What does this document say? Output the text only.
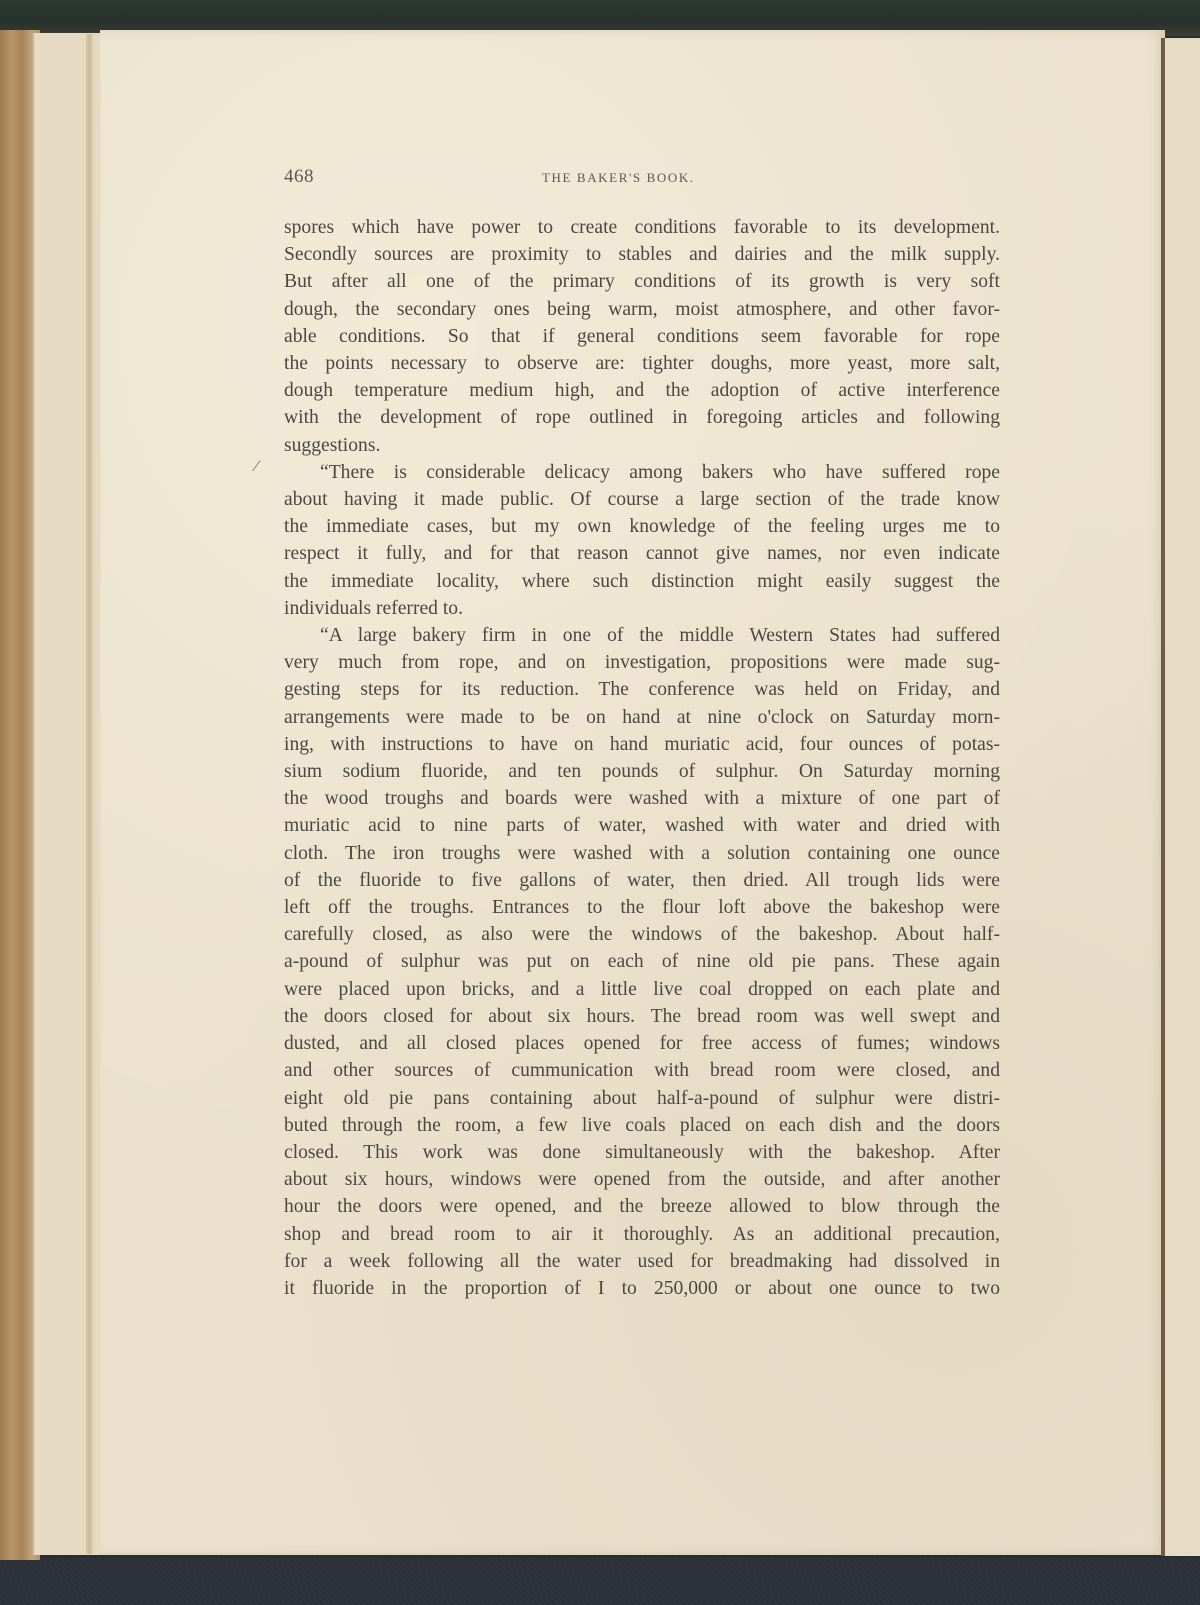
468	THE BAKER'S BOOK.
⁄
spores which have power to create conditions favorable to its development.
Secondly sources are proximity to stables and dairies and the milk supply.
But after all one of the primary conditions of its growth is very soft
dough, the secondary ones being warm, moist atmosphere, and other favor-
able conditions. So that if general conditions seem favorable for rope
the points necessary to observe are: tighter doughs, more yeast, more salt,
dough temperature medium high, and the adoption of active interference
with the development of rope outlined in foregoing articles and following
suggestions.
“There is considerable delicacy among bakers who have suffered rope
about having it made public. Of course a large section of the trade know
the immediate cases, but my own knowledge of the feeling urges me to
respect it fully, and for that reason cannot give names, nor even indicate
the immediate locality, where such distinction might easily suggest the
individuals referred to.
“A large bakery firm in one of the middle Western States had suffered
very much from rope, and on investigation, propositions were made sug-
gesting steps for its reduction. The conference was held on Friday, and
arrangements were made to be on hand at nine o'clock on Saturday morn-
ing, with instructions to have on hand muriatic acid, four ounces of potas-
sium sodium fluoride, and ten pounds of sulphur. On Saturday morning
the wood troughs and boards were washed with a mixture of one part of
muriatic acid to nine parts of water, washed with water and dried with
cloth. The iron troughs were washed with a solution containing one ounce
of the fluoride to five gallons of water, then dried. All trough lids were
left off the troughs. Entrances to the flour loft above the bakeshop were
carefully closed, as also were the windows of the bakeshop. About half-
a-pound of sulphur was put on each of nine old pie pans. These again
were placed upon bricks, and a little live coal dropped on each plate and
the doors closed for about six hours. The bread room was well swept and
dusted, and all closed places opened for free access of fumes; windows
and other sources of cummunication with bread room were closed, and
eight old pie pans containing about half-a-pound of sulphur were distri-
buted through the room, a few live coals placed on each dish and the doors
closed. This work was done simultaneously with the bakeshop. After
about six hours, windows were opened from the outside, and after another
hour the doors were opened, and the breeze allowed to blow through the
shop and bread room to air it thoroughly. As an additional precaution,
for a week following all the water used for breadmaking had dissolved in
it fluoride in the proportion of I to 250,000 or about one ounce to two
